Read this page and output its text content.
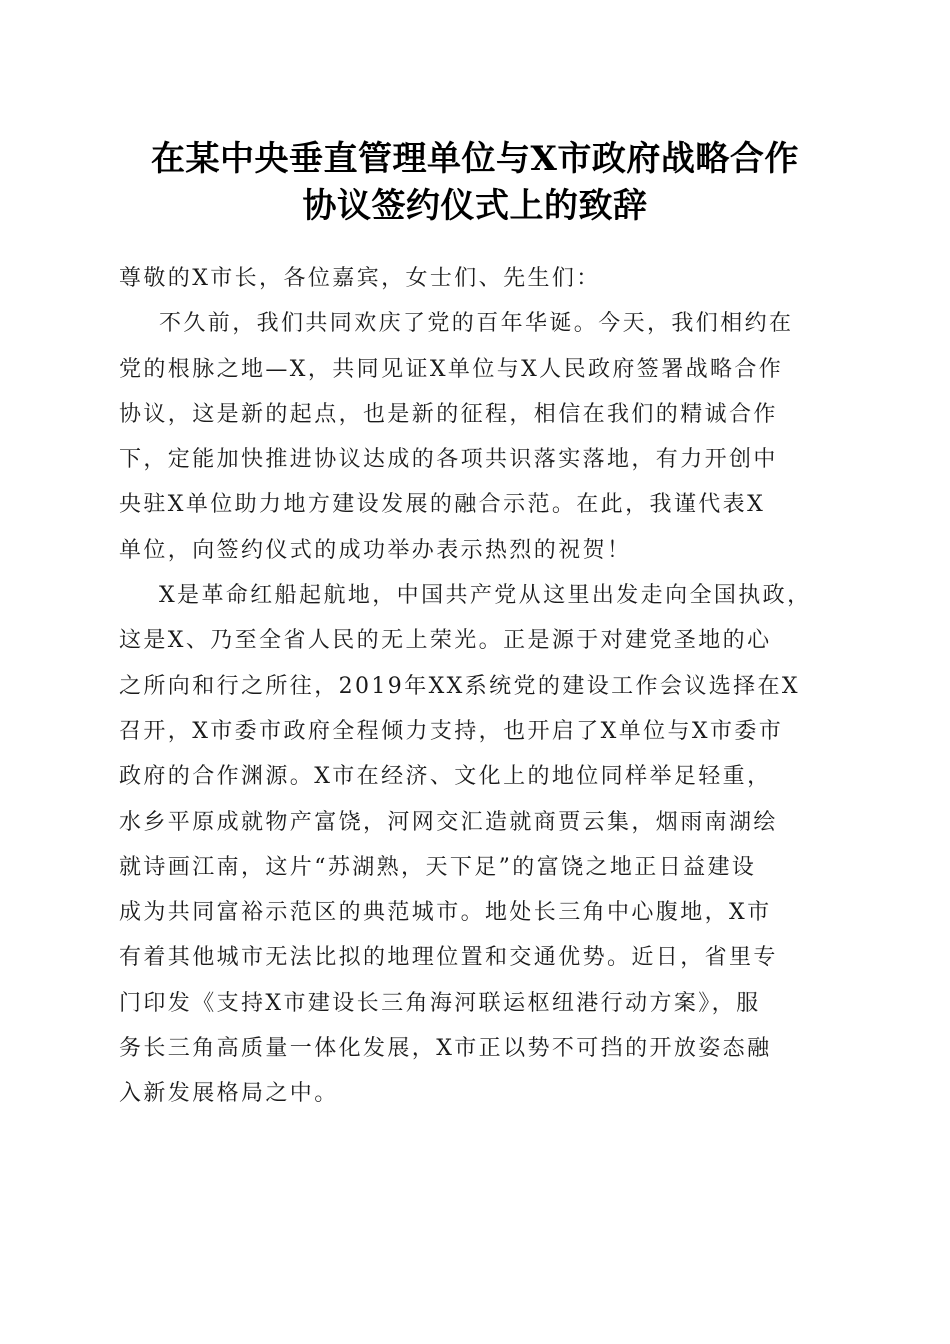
在某中央垂直管理单位与X市政府战略合作
协议签约仪式上的致辞
尊敬的X市长，各位嘉宾，女士们、先生们：
不久前，我们共同欢庆了党的百年华诞。今天，我们相约在
党的根脉之地—X，共同见证X单位与X人民政府签署战略合作
协议，这是新的起点，也是新的征程，相信在我们的精诚合作
下，定能加快推进协议达成的各项共识落实落地，有力开创中
央驻X单位助力地方建设发展的融合示范。在此，我谨代表X
单位，向签约仪式的成功举办表示热烈的祝贺！
X是革命红船起航地，中国共产党从这里出发走向全国执政，
这是X、乃至全省人民的无上荣光。正是源于对建党圣地的心
之所向和行之所往，2019年XX系统党的建设工作会议选择在X
召开，X市委市政府全程倾力支持，也开启了X单位与X市委市
政府的合作渊源。X市在经济、文化上的地位同样举足轻重，
水乡平原成就物产富饶，河网交汇造就商贾云集，烟雨南湖绘
就诗画江南，这片“苏湖熟，天下足”的富饶之地正日益建设
成为共同富裕示范区的典范城市。地处长三角中心腹地，X市
有着其他城市无法比拟的地理位置和交通优势。近日，省里专
门印发《支持X市建设长三角海河联运枢纽港行动方案》，服
务长三角高质量一体化发展，X市正以势不可挡的开放姿态融
入新发展格局之中。
